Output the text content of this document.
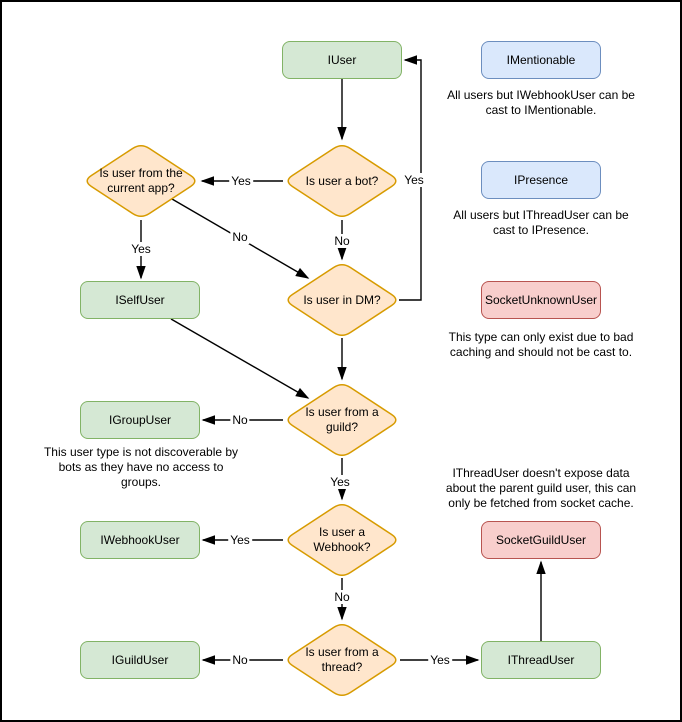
IUser	IMentionable
IPresence
SocketUnknownUser
ISelfUser
IGroupUser
IWebhookUser	SocketGuildUser
IGuildUser	IThreadUser
Is user a bot?
Is user from the
current app?
Is user in DM?
Is user from a
guild?
Is user a
Webhook?
Is user from a
thread?
Yes
No
Yes
Yes
No
No
Yes
Yes
No
No	Yes
All users but IWebhookUser can be
cast to IMentionable.
All users but IThreadUser can be
cast to IPresence.
This type can only exist due to bad
caching and should not be cast to.
This user type is not discoverable by
bots as they have no access to
groups.
IThreadUser doesn't expose data
about the parent guild user, this can
only be fetched from socket cache.
